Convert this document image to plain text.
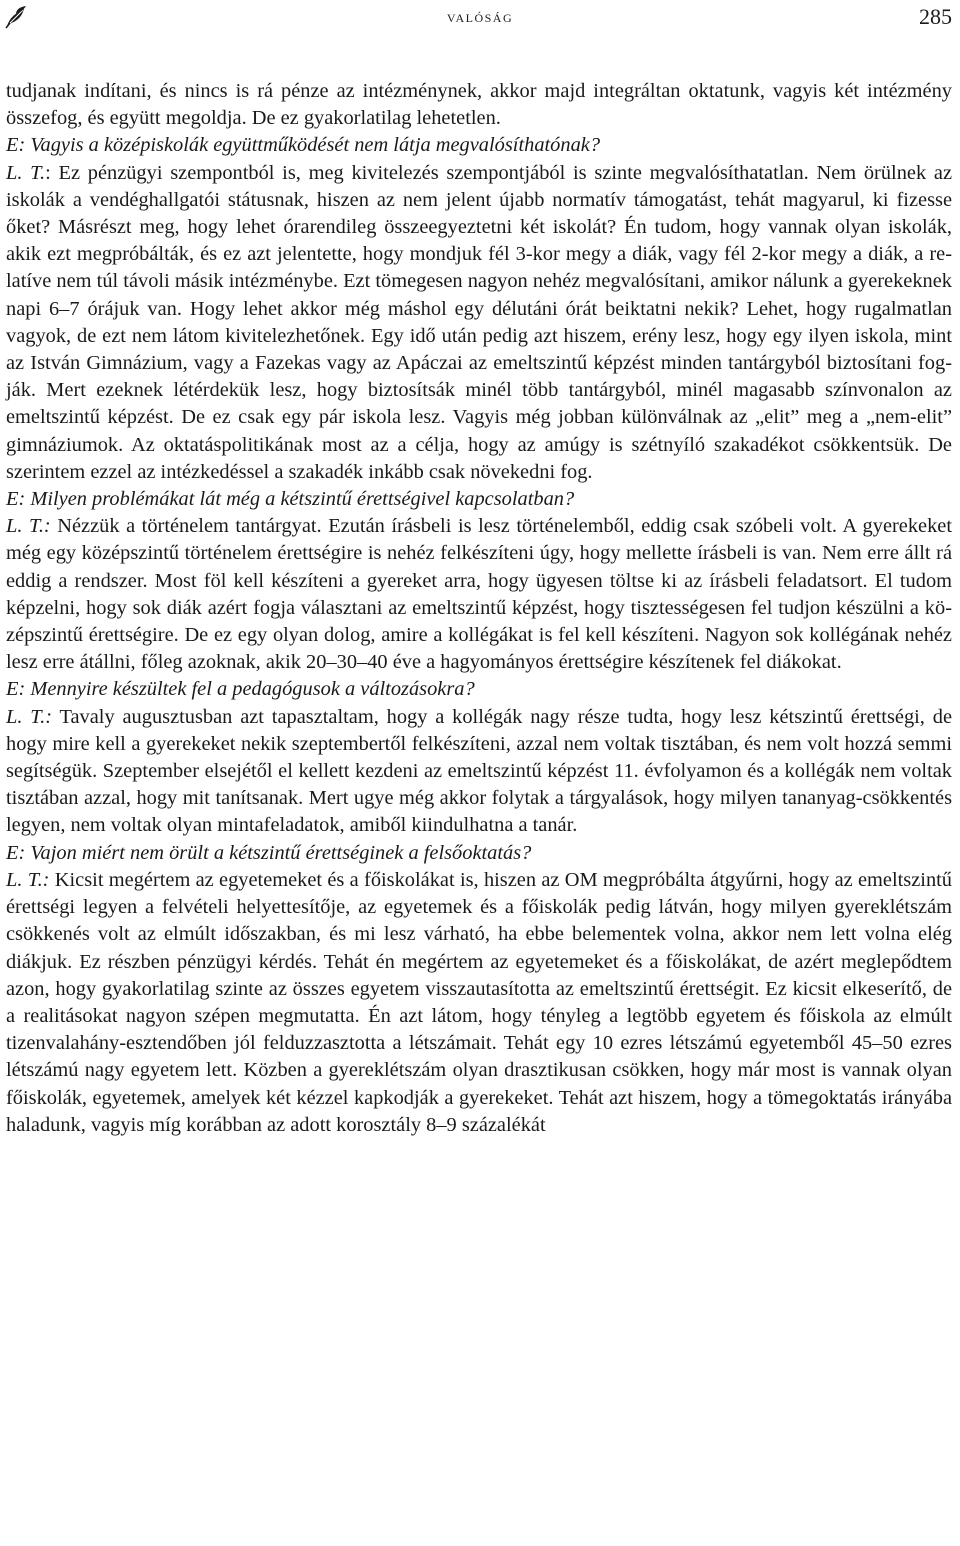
valóság	285

tudjanak indítani, és nincs is rá pénze az intézménynek, akkor majd integráltan oktatunk, vagyis két intézmény összefog, és együtt megoldja. De ez gyakorlatilag lehetetlen.

E: Vagyis a középiskolák együttműködését nem látja megvalósíthatónak?

L. T.: Ez pénzügyi szempontból is, meg kivitelezés szempontjából is szinte megvalósíthatatlan. Nem örülnek az iskolák a vendéghallgatói státusnak, hiszen az nem jelent újabb normatív támogatást, tehát magyarul, ki fizesse őket? Másrészt meg, hogy lehet órarendileg összeegyeztetni két iskolát? Én tudom, hogy vannak olyan iskolák, akik ezt megpróbálták, és ez azt jelentette, hogy mondjuk fél 3-kor megy a diák, vagy fél 2-kor megy a diák, a relatíve nem túl távoli másik intézménybe. Ezt tömegesen nagyon nehéz megvalósítani, amikor nálunk a gyerekeknek napi 6–7 órájuk van. Hogy lehet akkor még máshol egy délutáni órát beiktatni nekik? Lehet, hogy rugalmatlan vagyok, de ezt nem látom kivitelezhetőnek. Egy idő után pedig azt hiszem, erény lesz, hogy egy ilyen iskola, mint az István Gimnázium, vagy a Fazekas vagy az Apáczai az emeltszintű képzést minden tantárgyból biztosítani fogják. Mert ezeknek létérdekük lesz, hogy biztosítsák minél több tantárgyból, minél magasabb színvonalon az emeltszintű képzést. De ez csak egy pár iskola lesz. Vagyis még jobban különválnak az „elit” meg a „nem-elit” gimnáziumok. Az oktatáspolitikának most az a célja, hogy az amúgy is szétnyíló szakadékot csökkentsük. De szerintem ezzel az intézkedéssel a szakadék inkább csak növekedni fog.

E: Milyen problémákat lát még a kétszintű érettségivel kapcsolatban?

L. T.: Nézzük a történelem tantárgyat. Ezután írásbeli is lesz történelemből, eddig csak szóbeli volt. A gyerekeket még egy középszintű történelem érettségire is nehéz felkészíteni úgy, hogy mellette írásbeli is van. Nem erre állt rá eddig a rendszer. Most föl kell készíteni a gyereket arra, hogy ügyesen töltse ki az írásbeli feladatsort. El tudom képzelni, hogy sok diák azért fogja választani az emeltszintű képzést, hogy tisztességesen fel tudjon készülni a középszintű érettségire. De ez egy olyan dolog, amire a kollégákat is fel kell készíteni. Nagyon sok kollégának nehéz lesz erre átállni, főleg azoknak, akik 20–30–40 éve a hagyományos érettségire készítenek fel diákokat.

E: Mennyire készültek fel a pedagógusok a változásokra?

L. T.: Tavaly augusztusban azt tapasztaltam, hogy a kollégák nagy része tudta, hogy lesz kétszintű érettségi, de hogy mire kell a gyerekeket nekik szeptembertől felkészíteni, azzal nem voltak tisztában, és nem volt hozzá semmi segítségük. Szeptember elsejétől el kellett kezdeni az emeltszintű képzést 11. évfolyamon és a kollégák nem voltak tisztában azzal, hogy mit tanítsanak. Mert ugye még akkor folytak a tárgyalások, hogy milyen tananyag-csökkentés legyen, nem voltak olyan mintafeladatok, amiből kiindulhatna a tanár.

E: Vajon miért nem örült a kétszintű érettséginek a felsőoktatás?

L. T.: Kicsit megértem az egyetemeket és a főiskolákat is, hiszen az OM megpróbálta átgyűrni, hogy az emeltszintű érettségi legyen a felvételi helyettesítője, az egyetemek és a főiskolák pedig látván, hogy milyen gyereklétszám csökkenés volt az elmúlt időszakban, és mi lesz várható, ha ebbe belementek volna, akkor nem lett volna elég diákjuk. Ez részben pénzügyi kérdés. Tehát én megértem az egyetemeket és a főiskolákat, de azért meglepődtem azon, hogy gyakorlatilag szinte az összes egyetem visszautasította az emeltszintű érettségit. Ez kicsit elkeserítő, de a realitásokat nagyon szépen megmutatta. Én azt látom, hogy tényleg a legtöbb egyetem és főiskola az elmúlt tizenvalahány-esztendőben jól felduzzasztotta a létszámait. Tehát egy 10 ezres létszámú egyetemből 45–50 ezres létszámú nagy egyetem lett. Közben a gyereklétszám olyan drasztikusan csökken, hogy már most is vannak olyan főiskolák, egyetemek, amelyek két kézzel kapkodják a gyerekeket. Tehát azt hiszem, hogy a tömegoktatás irányába haladunk, vagyis míg korábban az adott korosztály 8–9 százalékát
